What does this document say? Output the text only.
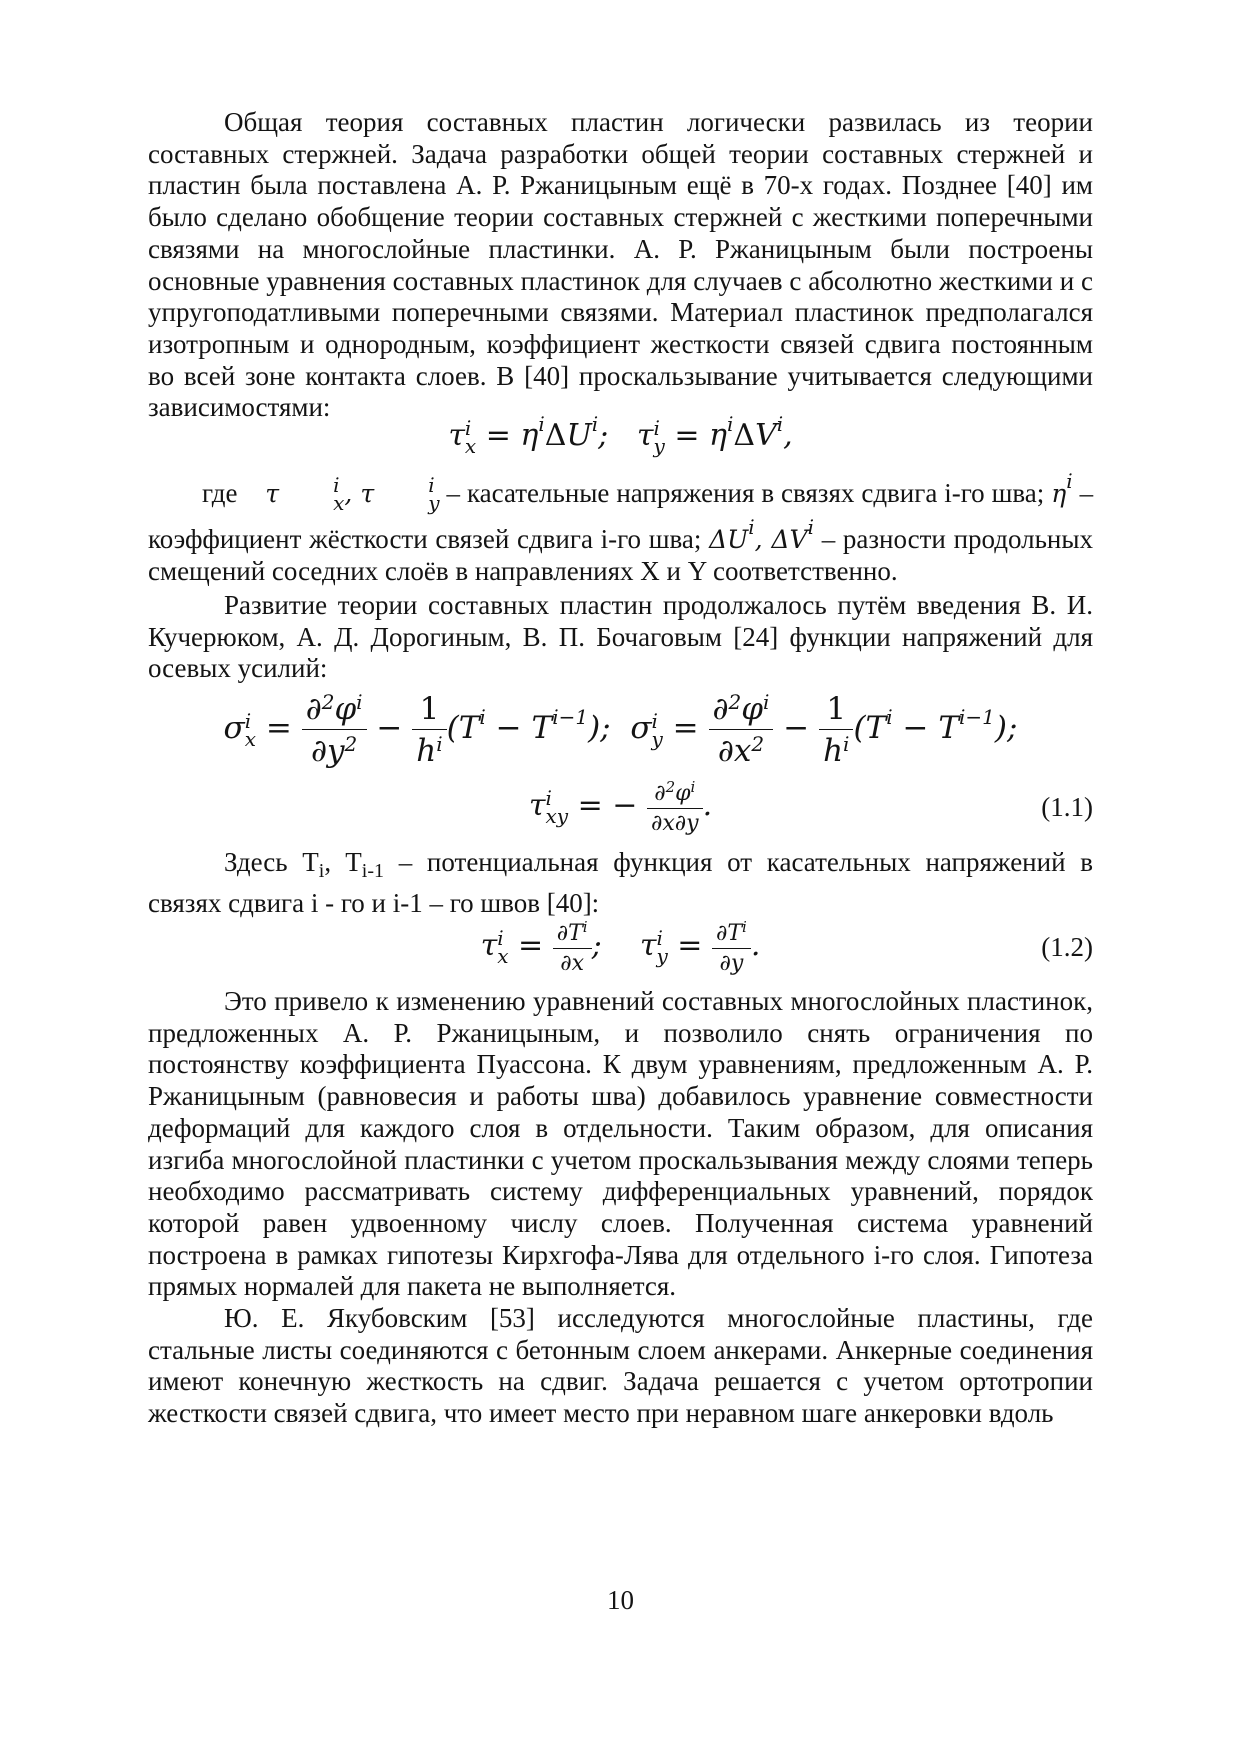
Общая теория составных пластин логически развилась из теории составных стержней. Задача разработки общей теории составных стержней и пластин была поставлена А. Р. Ржаницыным ещё в 70-х годах. Позднее [40] им было сделано обобщение теории составных стержней с жесткими поперечными связями на многослойные пластинки. А. Р. Ржаницыным были построены основные уравнения составных пластинок для случаев с абсолютно жесткими и с упругоподатливыми поперечными связями. Материал пластинок предполагался изотропным и однородным, коэффициент жесткости связей сдвига постоянным во всей зоне контакта слоев. В [40] проскальзывание учитывается следующими зависимостями:

τ i
$x = \eta^i\Delta U^i$;   τ i
$y = \eta^i\Delta V^i$,

где τ	i
x , τ	i
y – касательные напряжения в связях сдвига i-го шва; $\eta^i$ – коэффициент жёсткости связей сдвига i-го шва; $\Delta U^i$, $\Delta V^i$ – разности продольных смещений соседних слоёв в направлениях X и Y соответственно.

Развитие теории составных пластин продолжалось путём введения В. И. Кучерюком, А. Д. Дорогиным, В. П. Бочаговым [24] функции напряжений для осевых усилий:

σ i
$x = \frac{\partial^2\varphi^i}{\partial y^2} - \frac{1}{h^i} (T^i - T^{i-1})$;  σ i
$y = \frac{\partial^2\varphi^i}{\partial x^2} - \frac{1}{h^i} (T^i - T^{i-1})$;
τ i
xy = − $\frac{\partial^2\varphi^i}{\partial x\partial y}$ .	(1.1)

Здесь $T_i$, $T_{i-1}$ – потенциальная функция от касательных напряжений в связях сдвига i - го и i-1 – го швов [40]:

τ i
$x = \frac{\partial T^i}{\partial x}$ ;    τ i
$y = \frac{\partial T^i}{\partial y}$ .	(1.2)

Это привело к изменению уравнений составных многослойных пластинок, предложенных А. Р. Ржаницыным, и позволило снять ограничения по постоянству коэффициента Пуассона. К двум уравнениям, предложенным А. Р. Ржаницыным (равновесия и работы шва) добавилось уравнение совместности деформаций для каждого слоя в отдельности. Таким образом, для описания изгиба многослойной пластинки с учетом проскальзывания между слоями теперь необходимо рассматривать систему дифференциальных уравнений, порядок которой равен удвоенному числу слоев. Полученная система уравнений построена в рамках гипотезы Кирхгофа-Лява для отдельного i-го слоя. Гипотеза прямых нормалей для пакета не выполняется.

Ю. Е. Якубовским [53] исследуются многослойные пластины, где стальные листы соединяются с бетонным слоем анкерами. Анкерные соединения имеют конечную жесткость на сдвиг. Задача решается с учетом ортотропии жесткости связей сдвига, что имеет место при неравном шаге анкеровки вдоль

10
